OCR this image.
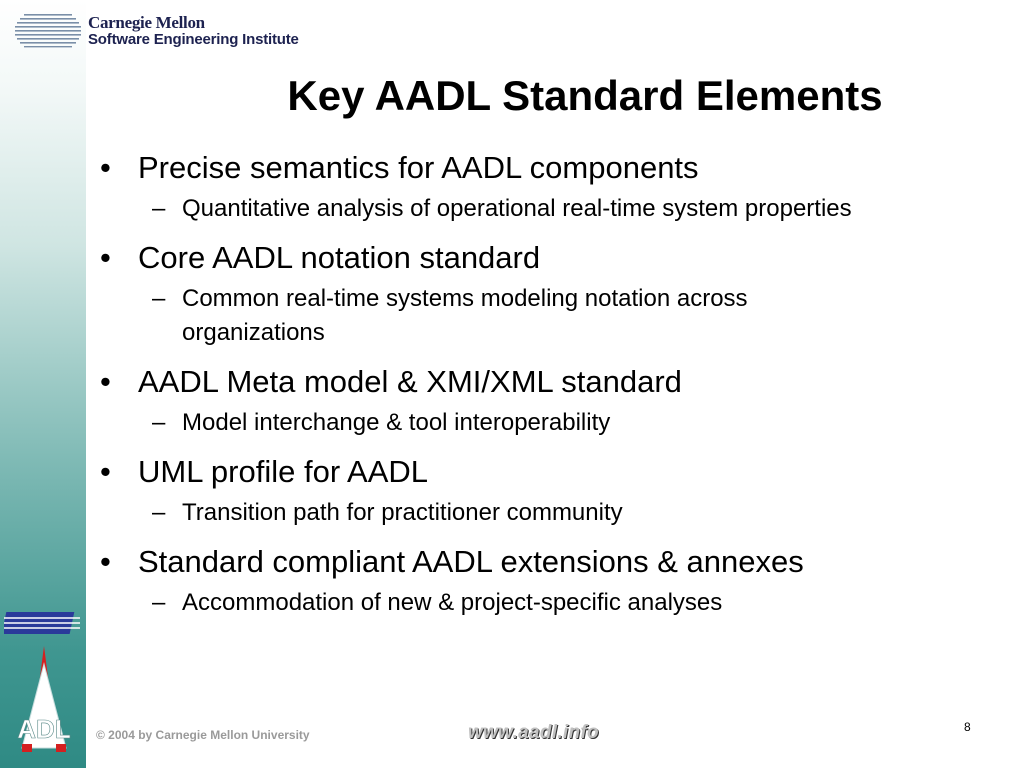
Carnegie Mellon
Software Engineering Institute
Key AADL Standard Elements
• Precise semantics for AADL components
– Quantitative analysis of operational real-time system properties
• Core AADL notation standard
– Common real-time systems modeling notation across organizations
• AADL Meta model & XMI/XML standard
– Model interchange & tool interoperability
• UML profile for AADL
– Transition path for practitioner community
• Standard compliant AADL extensions & annexes
– Accommodation of new & project-specific analyses
ADL © 2004 by Carnegie Mellon University	www.aadl.info	8
